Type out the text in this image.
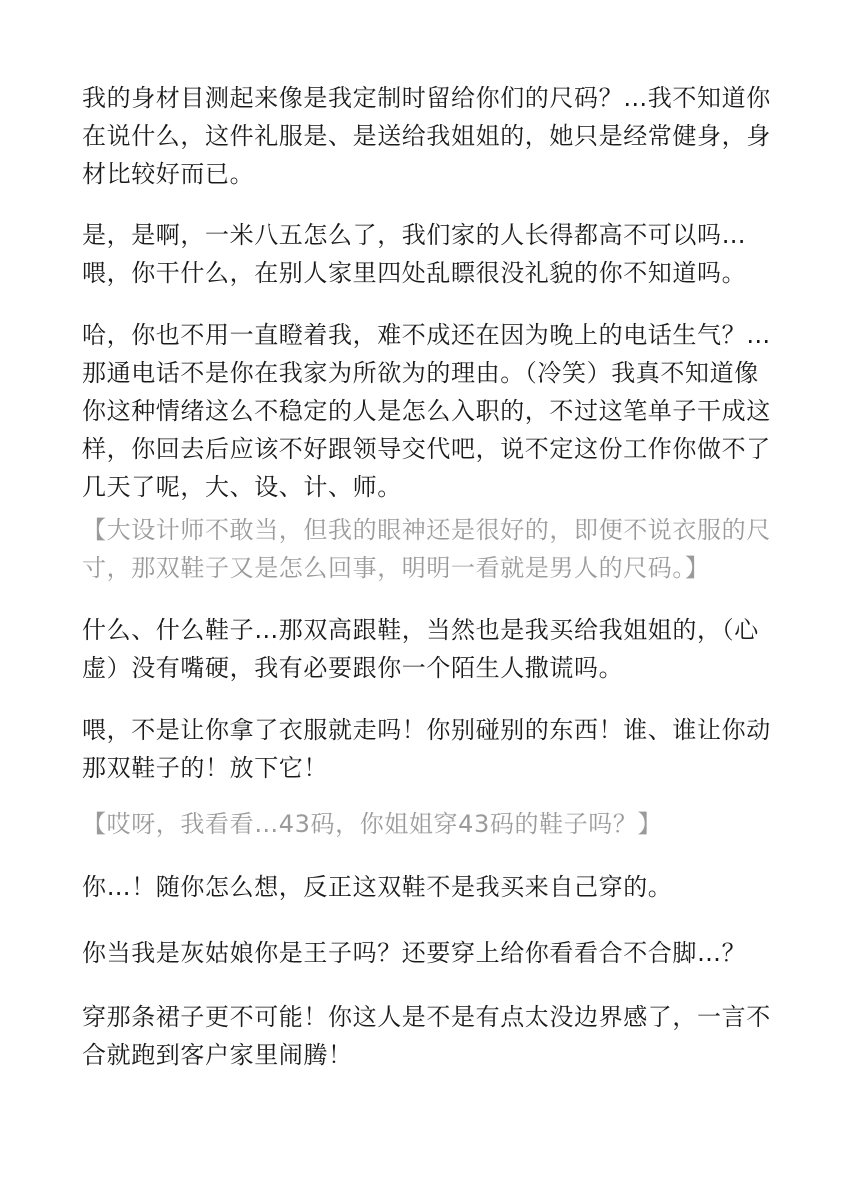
我的身材目测起来像是我定制时留给你们的尺码？…我不知道你在说什么，这件礼服是、是送给我姐姐的，她只是经常健身，身材比较好而已。

是，是啊，一米八五怎么了，我们家的人长得都高不可以吗…喂，你干什么，在别人家里四处乱瞟很没礼貌的你不知道吗。

哈，你也不用一直瞪着我，难不成还在因为晚上的电话生气？…那通电话不是你在我家为所欲为的理由。（冷笑）我真不知道像你这种情绪这么不稳定的人是怎么入职的，不过这笔单子干成这样，你回去后应该不好跟领导交代吧，说不定这份工作你做不了几天了呢，大、设、计、师。

【大设计师不敢当，但我的眼神还是很好的，即便不说衣服的尺寸，那双鞋子又是怎么回事，明明一看就是男人的尺码。】

什么、什么鞋子…那双高跟鞋，当然也是我买给我姐姐的，（心虚）没有嘴硬，我有必要跟你一个陌生人撒谎吗。

喂，不是让你拿了衣服就走吗！你别碰别的东西！谁、谁让你动那双鞋子的！放下它！

【哎呀，我看看…43码，你姐姐穿43码的鞋子吗？】

你…！随你怎么想，反正这双鞋不是我买来自己穿的。

你当我是灰姑娘你是王子吗？还要穿上给你看看合不合脚…？

穿那条裙子更不可能！你这人是不是有点太没边界感了，一言不合就跑到客户家里闹腾！
